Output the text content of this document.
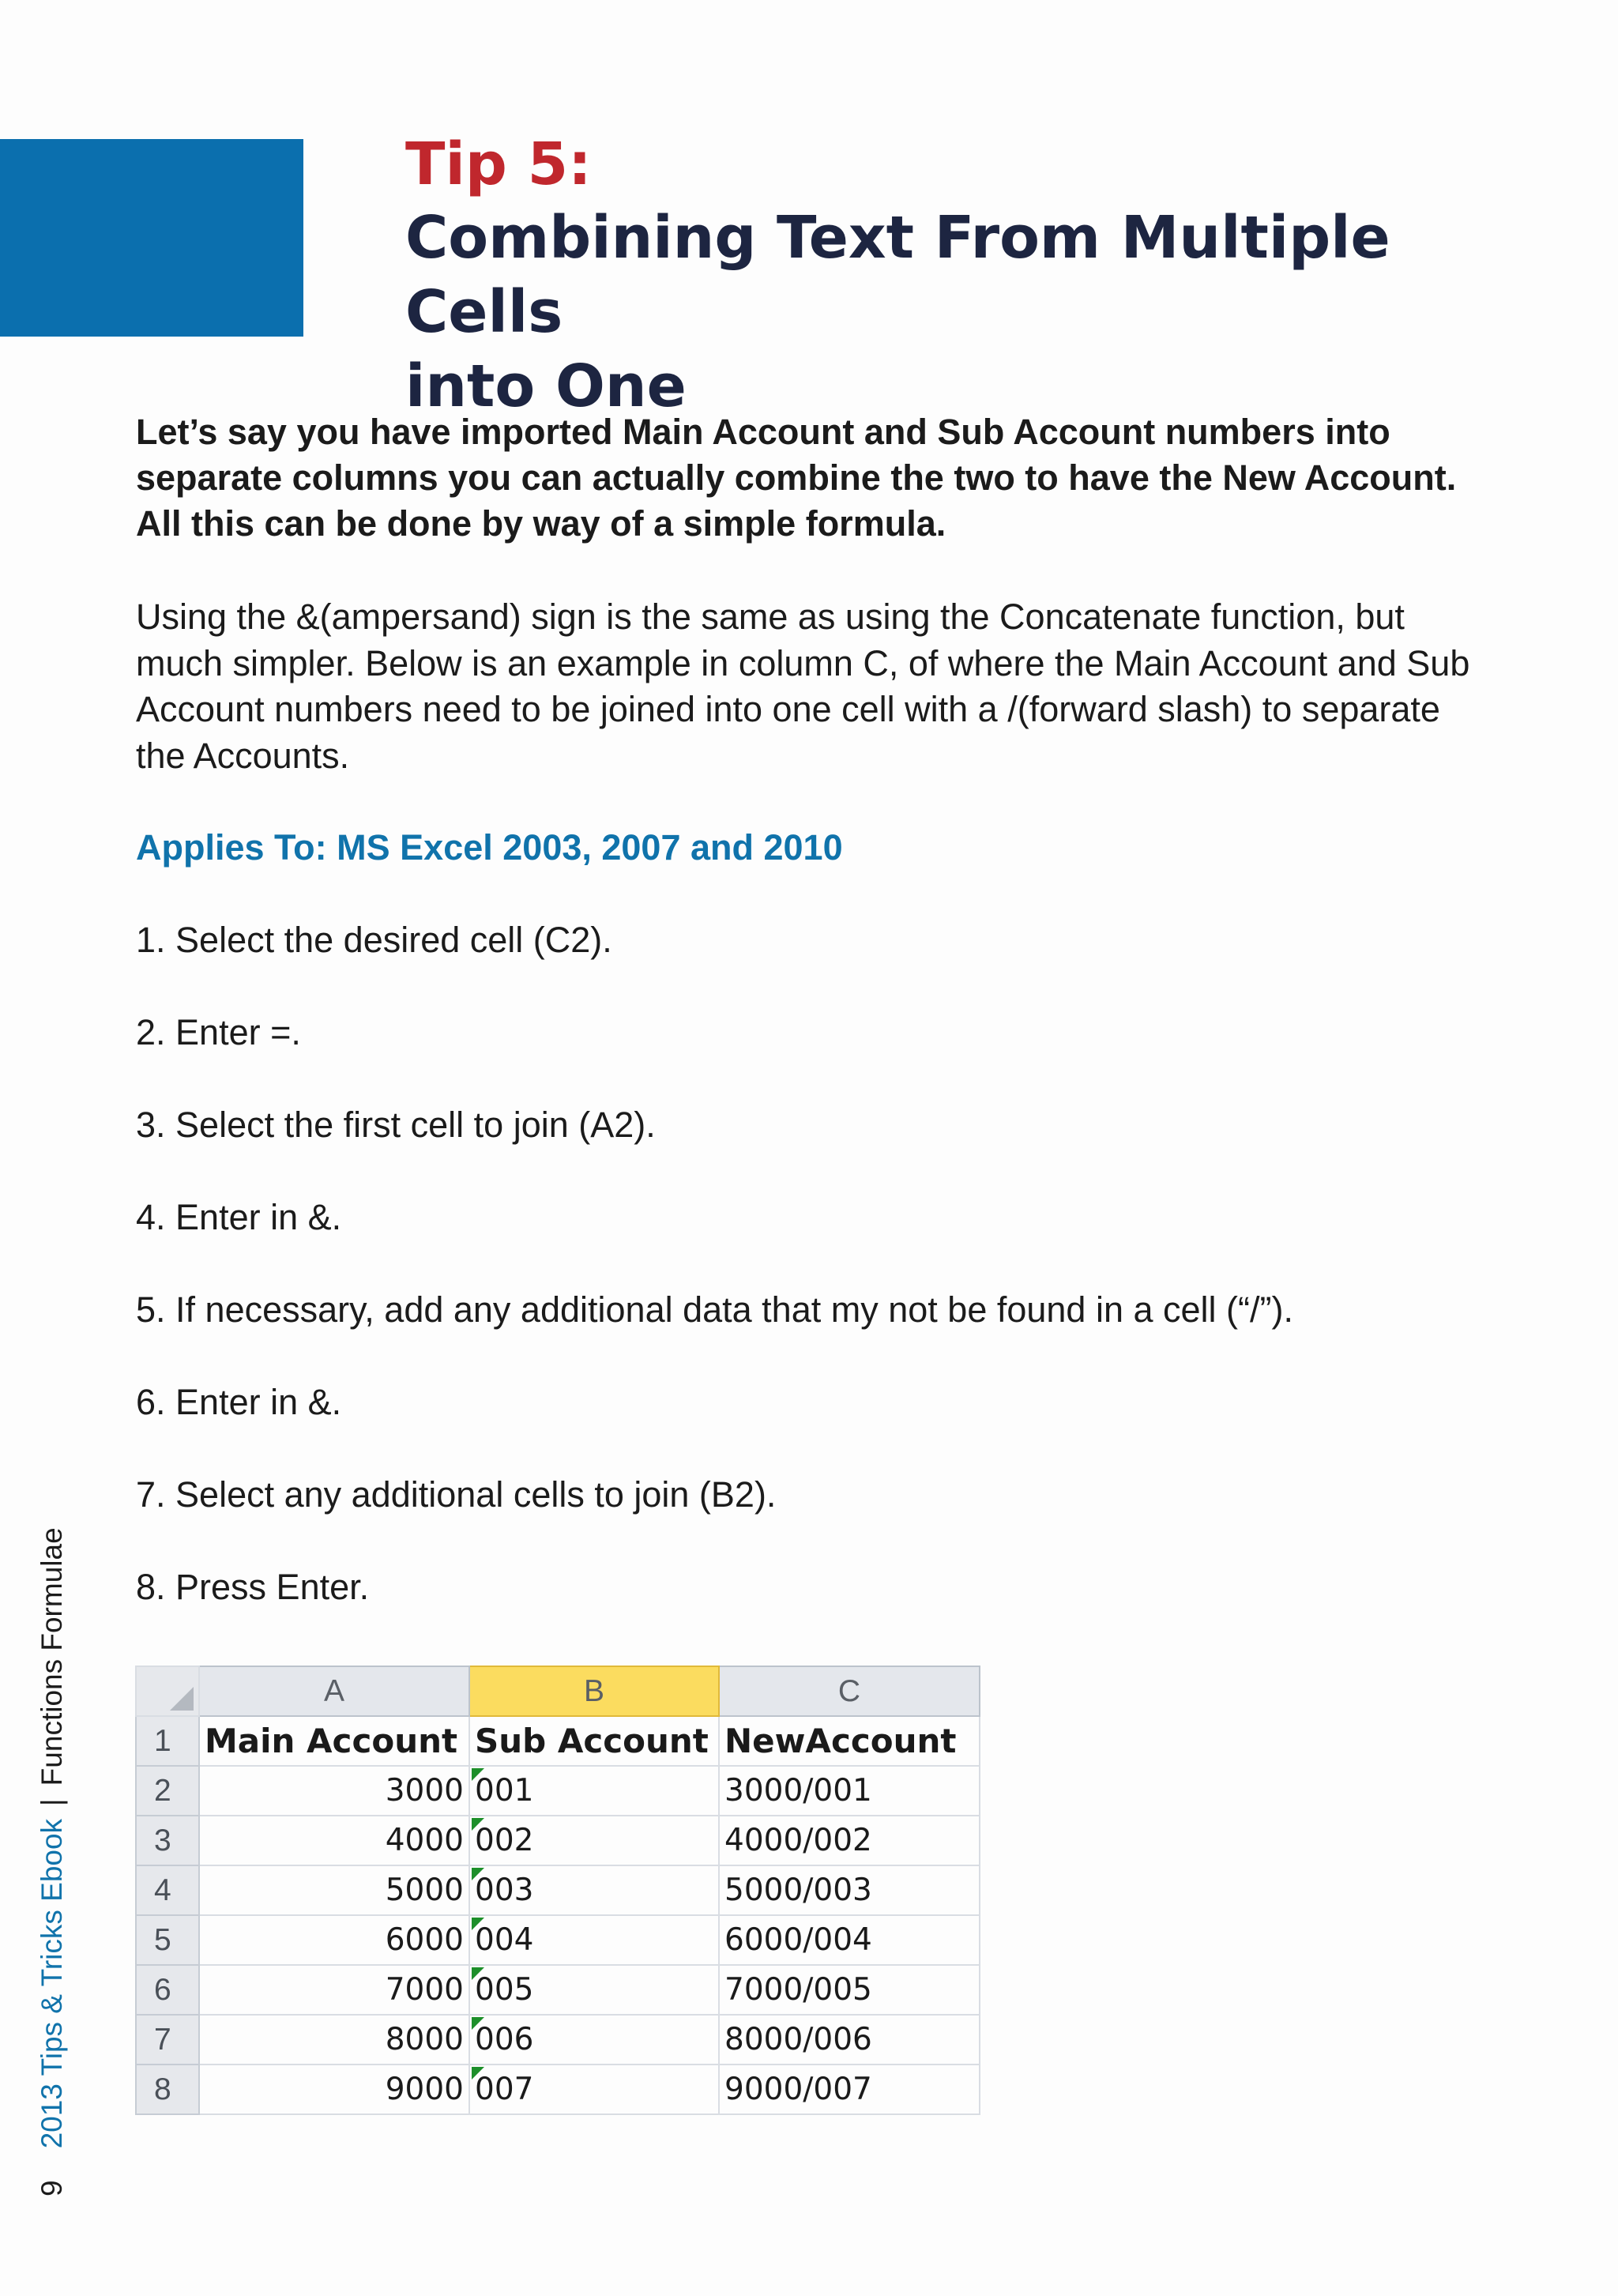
Tip 5:
Combining Text From Multiple Cells
into One

Let’s say you have imported Main Account and Sub Account numbers into separate columns you can actually combine the two to have the New Account. All this can be done by way of a simple formula.

Using the &(ampersand) sign is the same as using the Concatenate function, but much simpler. Below is an example in column C, of where the Main Account and Sub Account numbers need to be joined into one cell with a /(forward slash) to separate the Accounts.

Applies To: MS Excel 2003, 2007 and 2010

1. Select the desired cell (C2).
2. Enter =.
3. Select the first cell to join (A2).
4. Enter in &.
5. If necessary, add any additional data that my not be found in a cell (“/”).
6. Enter in &.
7. Select any additional cells to join (B2).
8. Press Enter.
	A	B	C
1	Main Account	Sub Account	NewAccount
2	3000	001	3000/001
3	4000	002	4000/002
4	5000	003	5000/003
5	6000	004	6000/004
6	7000	005	7000/005
7	8000	006	8000/006
8	9000	007	9000/007
92013 Tips & Tricks Ebook|Functions Formulae
